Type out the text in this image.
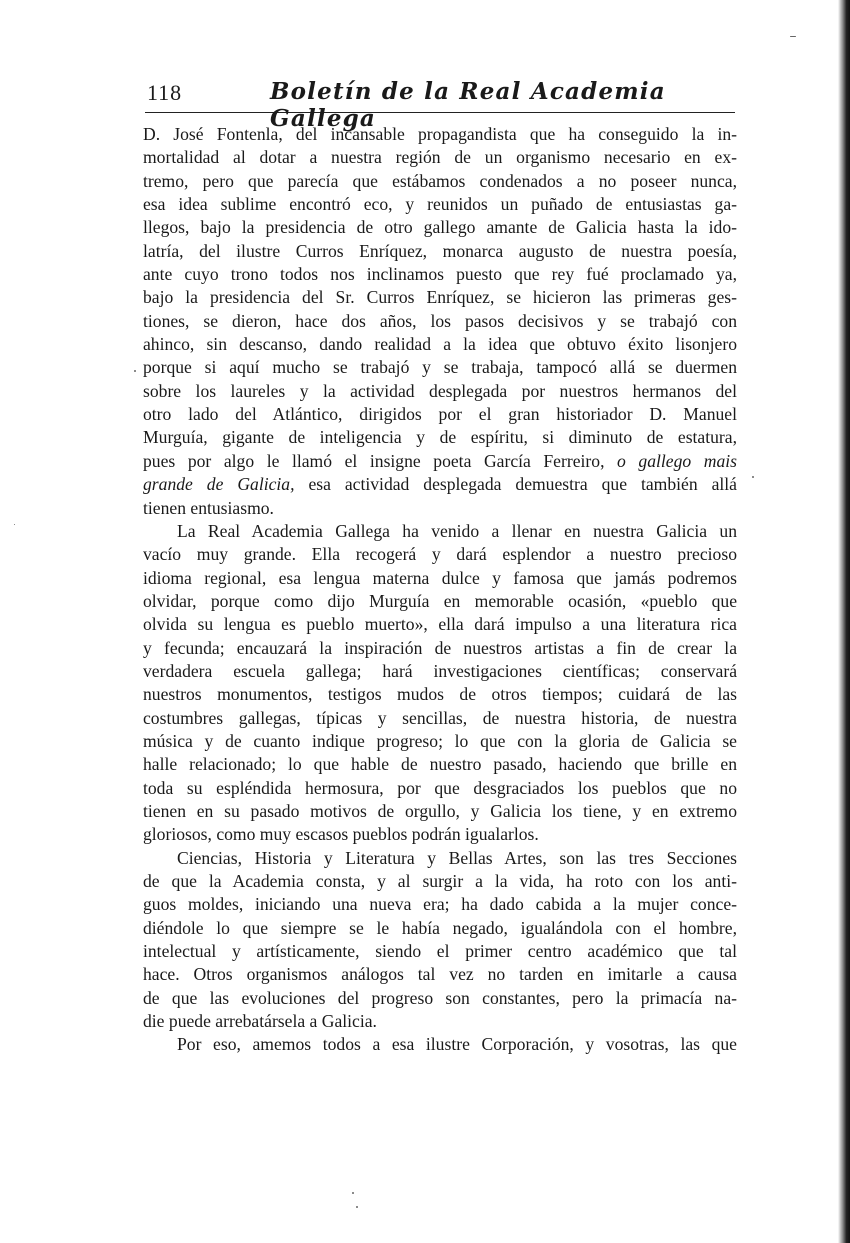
118	Boletín de la Real Academia Gallega
D. José Fontenla, del incansable propagandista que ha conseguido la in-
mortalidad al dotar a nuestra región de un organismo necesario en ex-
tremo, pero que parecía que estábamos condenados a no poseer nunca,
esa idea sublime encontró eco, y reunidos un puñado de entusiastas ga-
llegos, bajo la presidencia de otro gallego amante de Galicia hasta la ido-
latría, del ilustre Curros Enríquez, monarca augusto de nuestra poesía,
ante cuyo trono todos nos inclinamos puesto que rey fué proclamado ya,
bajo la presidencia del Sr. Curros Enríquez, se hicieron las primeras ges-
tiones, se dieron, hace dos años, los pasos decisivos y se trabajó con
ahinco, sin descanso, dando realidad a la idea que obtuvo éxito lisonjero
porque si aquí mucho se trabajó y se trabaja, tampocó allá se duermen
sobre los laureles y la actividad desplegada por nuestros hermanos del
otro lado del Atlántico, dirigidos por el gran historiador D. Manuel
Murguía, gigante de inteligencia y de espíritu, si diminuto de estatura,
pues por algo le llamó el insigne poeta García Ferreiro, o gallego mais
grande de Galicia, esa actividad desplegada demuestra que también allá
tienen entusiasmo.
La Real Academia Gallega ha venido a llenar en nuestra Galicia un
vacío muy grande. Ella recogerá y dará esplendor a nuestro precioso
idioma regional, esa lengua materna dulce y famosa que jamás podremos
olvidar, porque como dijo Murguía en memorable ocasión, «pueblo que
olvida su lengua es pueblo muerto», ella dará impulso a una literatura rica
y fecunda; encauzará la inspiración de nuestros artistas a fin de crear la
verdadera escuela gallega; hará investigaciones científicas; conservará
nuestros monumentos, testigos mudos de otros tiempos; cuidará de las
costumbres gallegas, típicas y sencillas, de nuestra historia, de nuestra
música y de cuanto indique progreso; lo que con la gloria de Galicia se
halle relacionado; lo que hable de nuestro pasado, haciendo que brille en
toda su espléndida hermosura, por que desgraciados los pueblos que no
tienen en su pasado motivos de orgullo, y Galicia los tiene, y en extremo
gloriosos, como muy escasos pueblos podrán igualarlos.
Ciencias, Historia y Literatura y Bellas Artes, son las tres Secciones
de que la Academia consta, y al surgir a la vida, ha roto con los anti-
guos moldes, iniciando una nueva era; ha dado cabida a la mujer conce-
diéndole lo que siempre se le había negado, igualándola con el hombre,
intelectual y artísticamente, siendo el primer centro académico que tal
hace. Otros organismos análogos tal vez no tarden en imitarle a causa
de que las evoluciones del progreso son constantes, pero la primacía na-
die puede arrebatársela a Galicia.
Por eso, amemos todos a esa ilustre Corporación, y vosotras, las que
